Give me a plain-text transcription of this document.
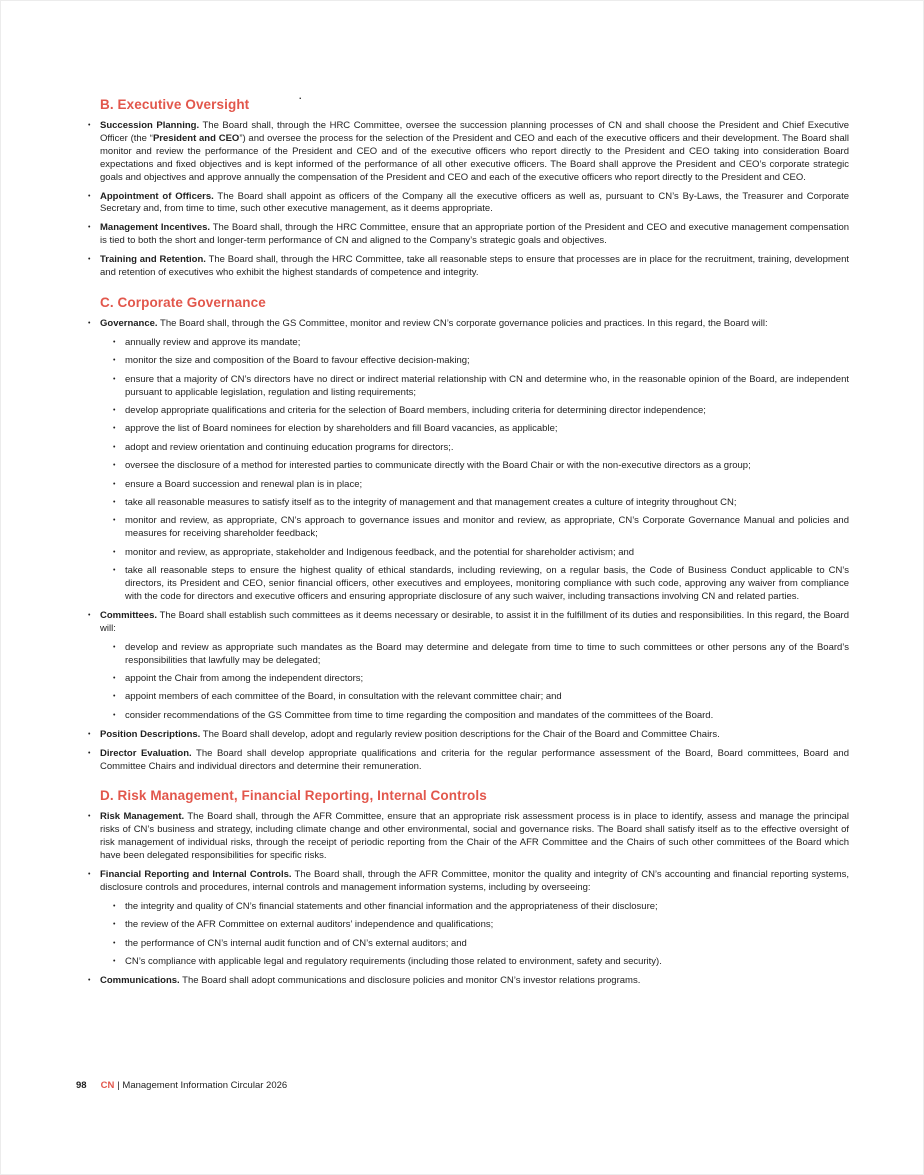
.
B. Executive Oversight
•	Succession Planning. The Board shall, through the HRC Committee, oversee the succession planning processes of CN and shall choose the President and Chief Executive Officer (the “President and CEO”) and oversee the process for the selection of the President and CEO and each of the executive officers and their development. The Board shall monitor and review the performance of the President and CEO and of the executive officers who report directly to the President and CEO taking into consideration Board expectations and fixed objectives and is kept informed of the performance of all other executive officers. The Board shall approve the President and CEO’s corporate strategic goals and objectives and approve annually the compensation of the President and CEO and each of the executive officers who report directly to the President and CEO.
•	Appointment of Officers. The Board shall appoint as officers of the Company all the executive officers as well as, pursuant to CN’s By-Laws, the Treasurer and Corporate Secretary and, from time to time, such other executive management, as it deems appropriate.
•	Management Incentives. The Board shall, through the HRC Committee, ensure that an appropriate portion of the President and CEO and executive management compensation is tied to both the short and longer-term performance of CN and aligned to the Company’s strategic goals and objectives.
•	Training and Retention. The Board shall, through the HRC Committee, take all reasonable steps to ensure that processes are in place for the recruitment, training, development and retention of executives who exhibit the highest standards of competence and integrity.
C. Corporate Governance
•	Governance. The Board shall, through the GS Committee, monitor and review CN’s corporate governance policies and practices. In this regard, the Board will:
•	annually review and approve its mandate;
•	monitor the size and composition of the Board to favour effective decision-making;
•	ensure that a majority of CN’s directors have no direct or indirect material relationship with CN and determine who, in the reasonable opinion of the Board, are independent pursuant to applicable legislation, regulation and listing requirements;
•	develop appropriate qualifications and criteria for the selection of Board members, including criteria for determining director independence;
•	approve the list of Board nominees for election by shareholders and fill Board vacancies, as applicable;
•	adopt and review orientation and continuing education programs for directors;.
•	oversee the disclosure of a method for interested parties to communicate directly with the Board Chair or with the non-executive directors as a group;
•	ensure a Board succession and renewal plan is in place;
•	take all reasonable measures to satisfy itself as to the integrity of management and that management creates a culture of integrity throughout CN;
•	monitor and review, as appropriate, CN’s approach to governance issues and monitor and review, as appropriate, CN’s Corporate Governance Manual and policies and measures for receiving shareholder feedback;
•	monitor and review, as appropriate, stakeholder and Indigenous feedback, and the potential for shareholder activism; and
•	take all reasonable steps to ensure the highest quality of ethical standards, including reviewing, on a regular basis, the Code of Business Conduct applicable to CN’s directors, its President and CEO, senior financial officers, other executives and employees, monitoring compliance with such code, approving any waiver from compliance with the code for directors and executive officers and ensuring appropriate disclosure of any such waiver, including transactions involving CN and related parties.
•	Committees. The Board shall establish such committees as it deems necessary or desirable, to assist it in the fulfillment of its duties and responsibilities. In this regard, the Board will:
•	develop and review as appropriate such mandates as the Board may determine and delegate from time to time to such committees or other persons any of the Board’s responsibilities that lawfully may be delegated;
•	appoint the Chair from among the independent directors;
•	appoint members of each committee of the Board, in consultation with the relevant committee chair; and
•	consider recommendations of the GS Committee from time to time regarding the composition and mandates of the committees of the Board.
•	Position Descriptions. The Board shall develop, adopt and regularly review position descriptions for the Chair of the Board and Committee Chairs.
•	Director Evaluation. The Board shall develop appropriate qualifications and criteria for the regular performance assessment of the Board, Board committees, Board and Committee Chairs and individual directors and determine their remuneration.
D. Risk Management, Financial Reporting, Internal Controls
•	Risk Management. The Board shall, through the AFR Committee, ensure that an appropriate risk assessment process is in place to identify, assess and manage the principal risks of CN’s business and strategy, including climate change and other environmental, social and governance risks. The Board shall satisfy itself as to the effective oversight of risk management of individual risks, through the receipt of periodic reporting from the Chair of the AFR Committee and the Chairs of such other committees of the Board which have been delegated responsibilities for specific risks.
•	Financial Reporting and Internal Controls. The Board shall, through the AFR Committee, monitor the quality and integrity of CN’s accounting and financial reporting systems, disclosure controls and procedures, internal controls and management information systems, including by overseeing:
•	the integrity and quality of CN’s financial statements and other financial information and the appropriateness of their disclosure;
•	the review of the AFR Committee on external auditors’ independence and qualifications;
•	the performance of CN’s internal audit function and of CN’s external auditors; and
•	CN’s compliance with applicable legal and regulatory requirements (including those related to environment, safety and security).
•	Communications. The Board shall adopt communications and disclosure policies and monitor CN’s investor relations programs.
98 CN | Management Information Circular 2026
